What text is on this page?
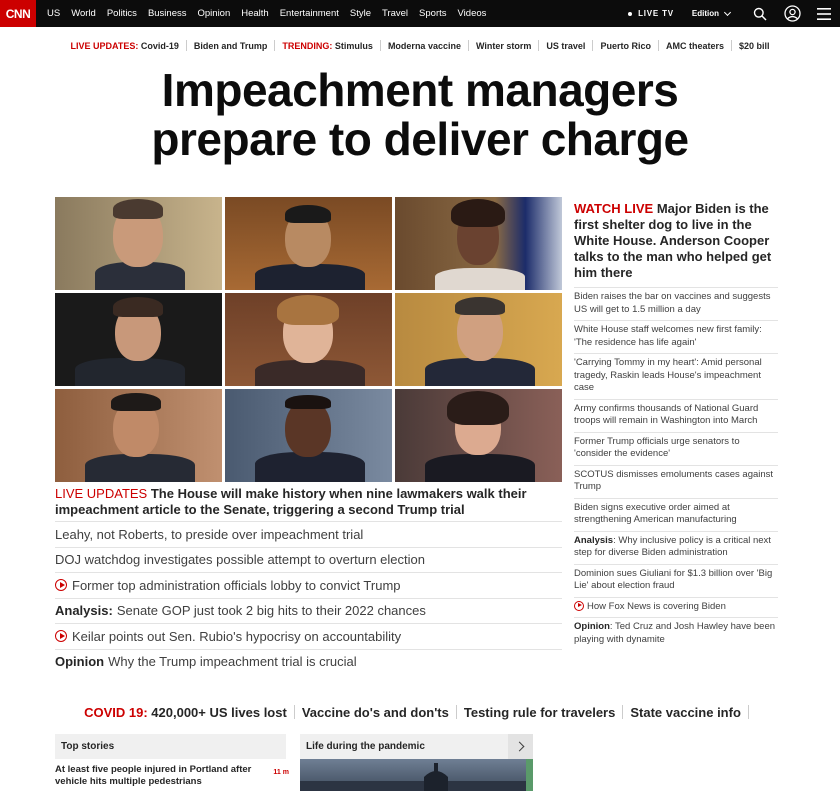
CNN	US World Politics Business Opinion Health Entertainment Style Travel Sports Videos	LIVE TV Edition
LIVE UPDATES:
Covid-19 Biden and Trump TRENDING:
Stimulus Moderna vaccine Winter storm US travel Puerto Rico AMC theaters $20 bill
Impeachment managers
prepare to deliver charge
LIVE UPDATES The House will make history when nine lawmakers walk their impeachment article to the Senate, triggering a second Trump trial
Leahy, not Roberts, to preside over impeachment trial
DOJ watchdog investigates possible attempt to overturn election
Former top administration officials lobby to convict Trump
Analysis: Senate GOP just took 2 big hits to their 2022 chances
Keilar points out Sen. Rubio's hypocrisy on accountability
Opinion Why the Trump impeachment trial is crucial
WATCH LIVE Major Biden is the first shelter dog to live in the White House. Anderson Cooper talks to the man who helped get him there
Biden raises the bar on vaccines and suggests US will get to 1.5 million a day
White House staff welcomes new first family: 'The residence has life again'
'Carrying Tommy in my heart': Amid personal tragedy, Raskin leads House's impeachment case
Army confirms thousands of National Guard troops will remain in Washington into March
Former Trump officials urge senators to 'consider the evidence'
SCOTUS dismisses emoluments cases against Trump
Biden signs executive order aimed at strengthening American manufacturing
Analysis: Why inclusive policy is a critical next step for diverse Biden administration
Dominion sues Giuliani for $1.3 billion over 'Big Lie' about election fraud
How Fox News is covering Biden
Opinion: Ted Cruz and Josh Hawley have been playing with dynamite
COVID 19:
420,000+ US lives lost Vaccine do's and don'ts Testing rule for travelers State vaccine info
Top stories
At least five people injured in Portland after vehicle hits multiple pedestrians
11 m
Life during the pandemic
